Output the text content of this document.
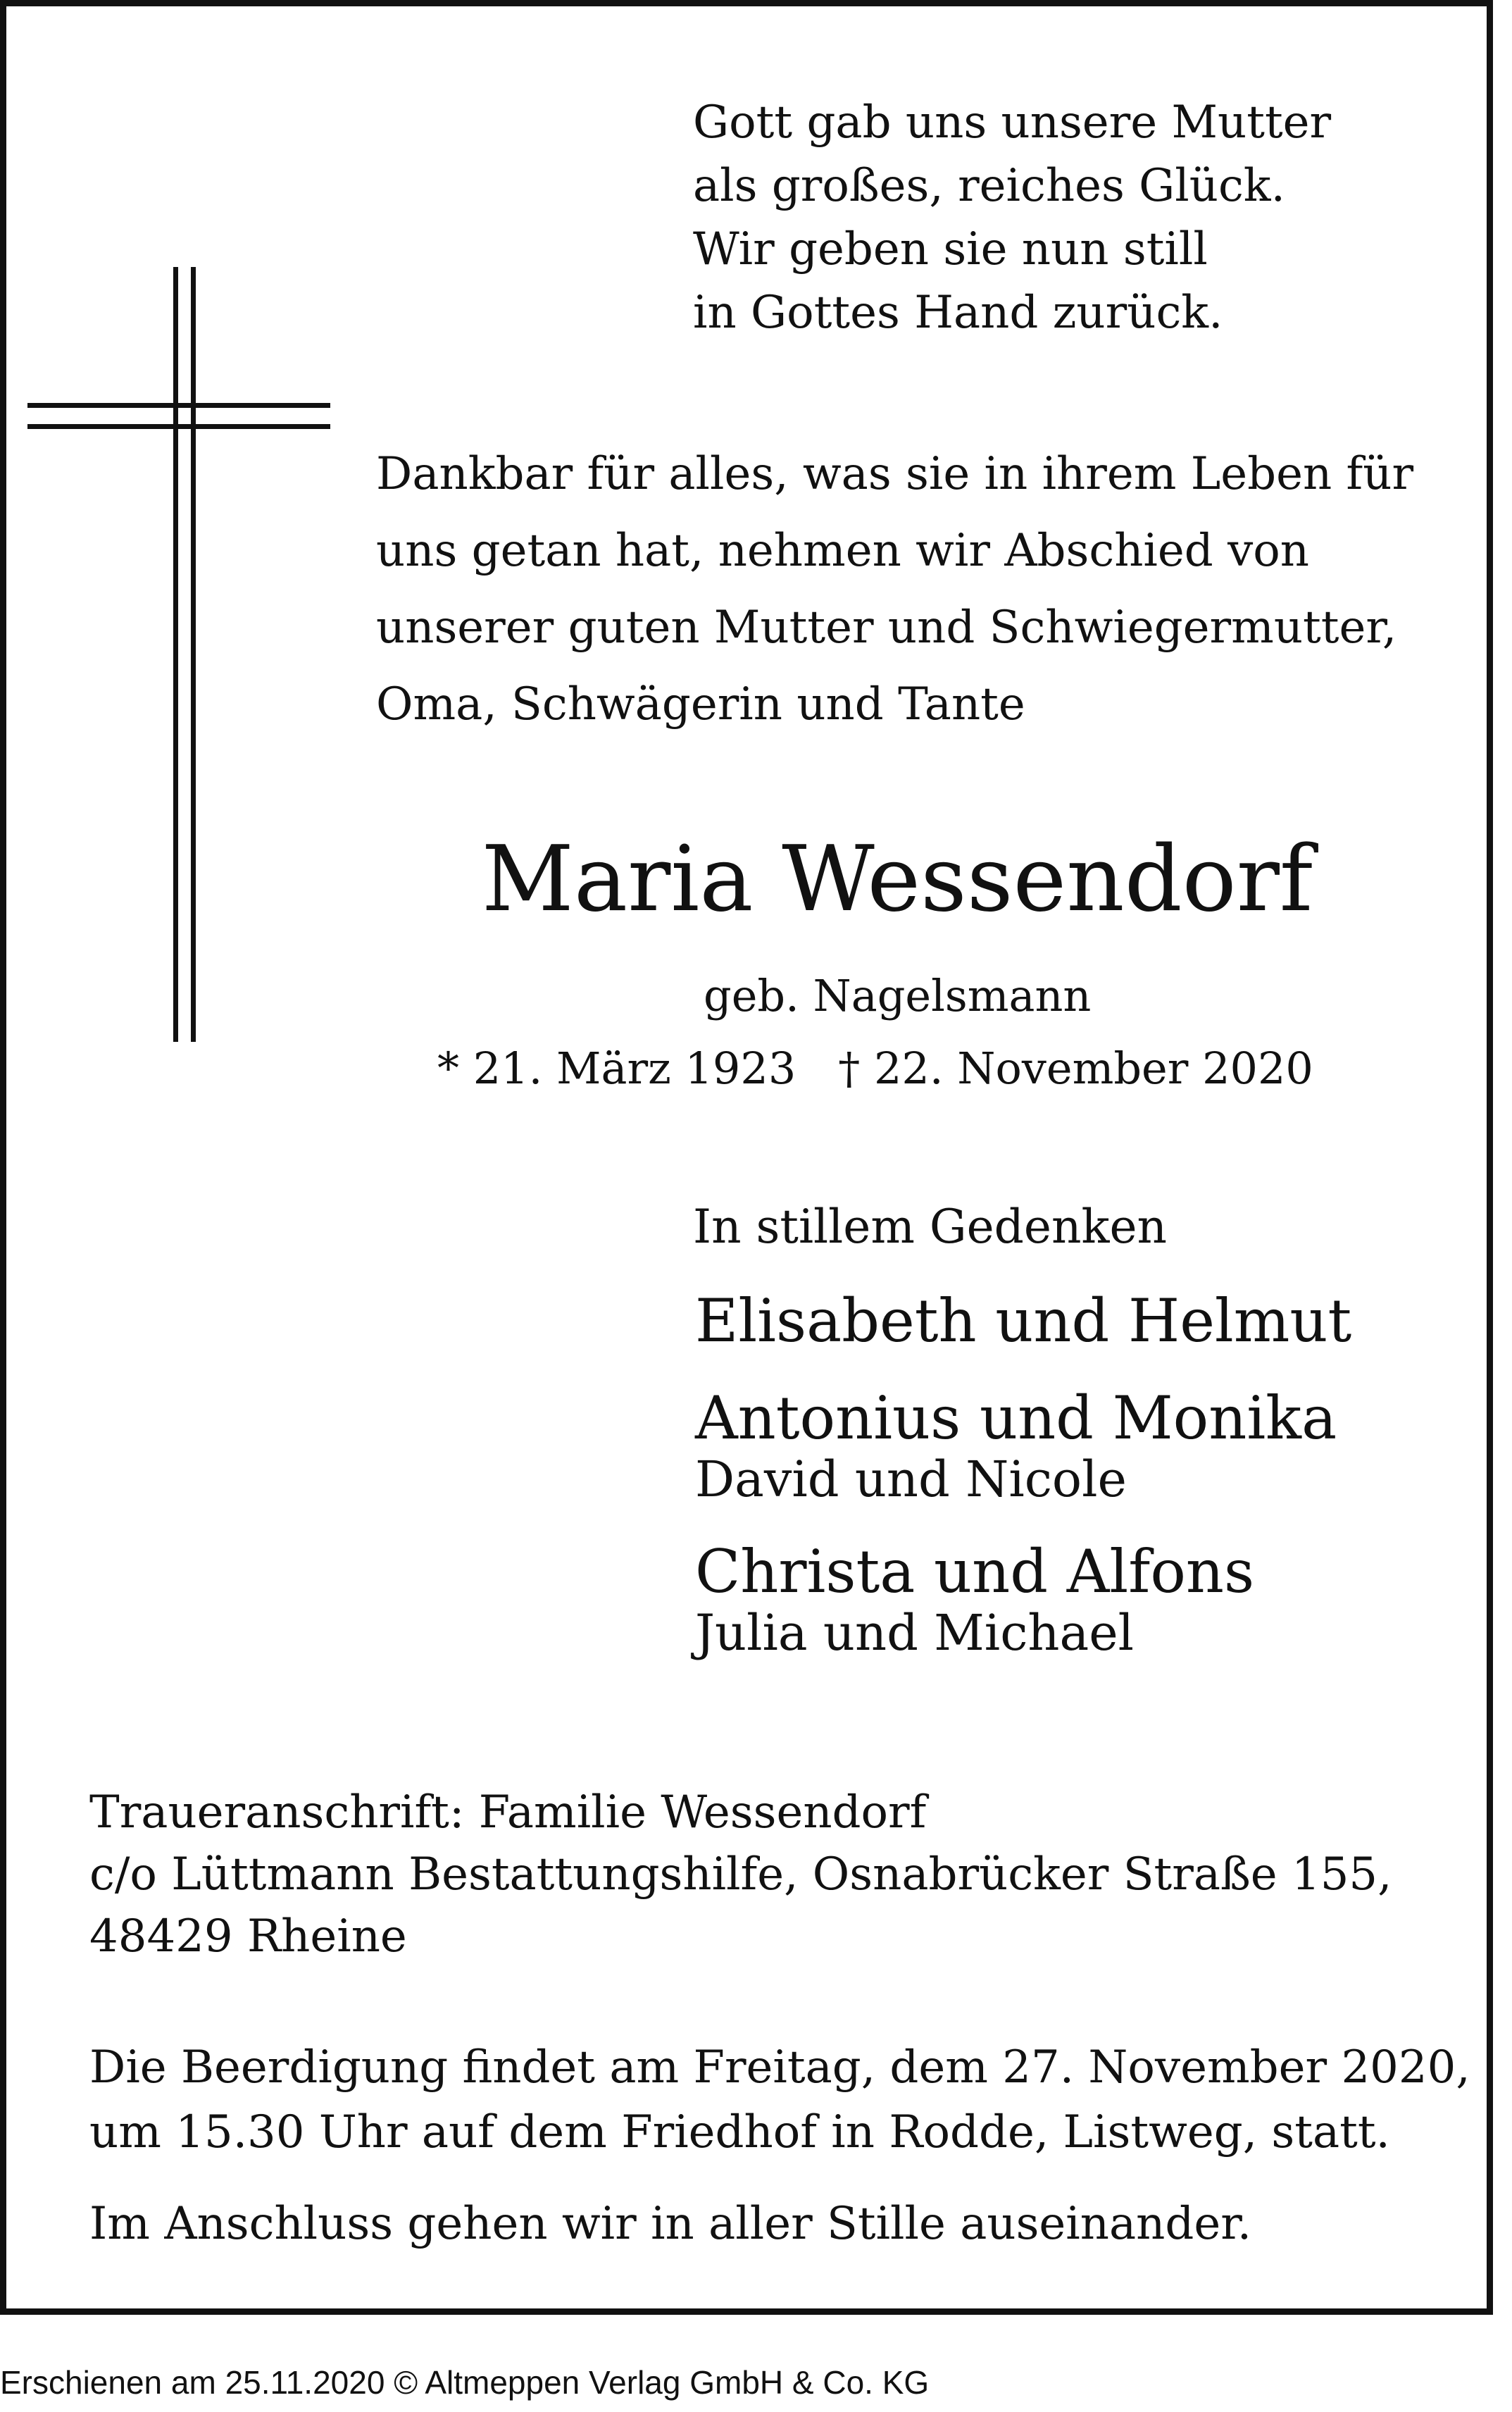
Gott gab uns unsere Mutter
als großes, reiches Glück.
Wir geben sie nun still
in Gottes Hand zurück.
Dankbar für alles, was sie in ihrem Leben für
uns getan hat, nehmen wir Abschied von
unserer guten Mutter und Schwiegermutter,
Oma, Schwägerin und Tante
Maria Wessendorf
geb. Nagelsmann
* 21. März 1923 † 22. November 2020
In stillem Gedenken
Elisabeth und Helmut
Antonius und Monika
David und Nicole
Christa und Alfons
Julia und Michael
Traueranschrift: Familie Wessendorf
c/o Lüttmann Bestattungshilfe, Osnabrücker Straße 155,
48429 Rheine
Die Beerdigung findet am Freitag, dem 27. November 2020,
um 15.30 Uhr auf dem Friedhof in Rodde, Listweg, statt.
Im Anschluss gehen wir in aller Stille auseinander.
Erschienen am 25.11.2020 © Altmeppen Verlag GmbH & Co. KG
